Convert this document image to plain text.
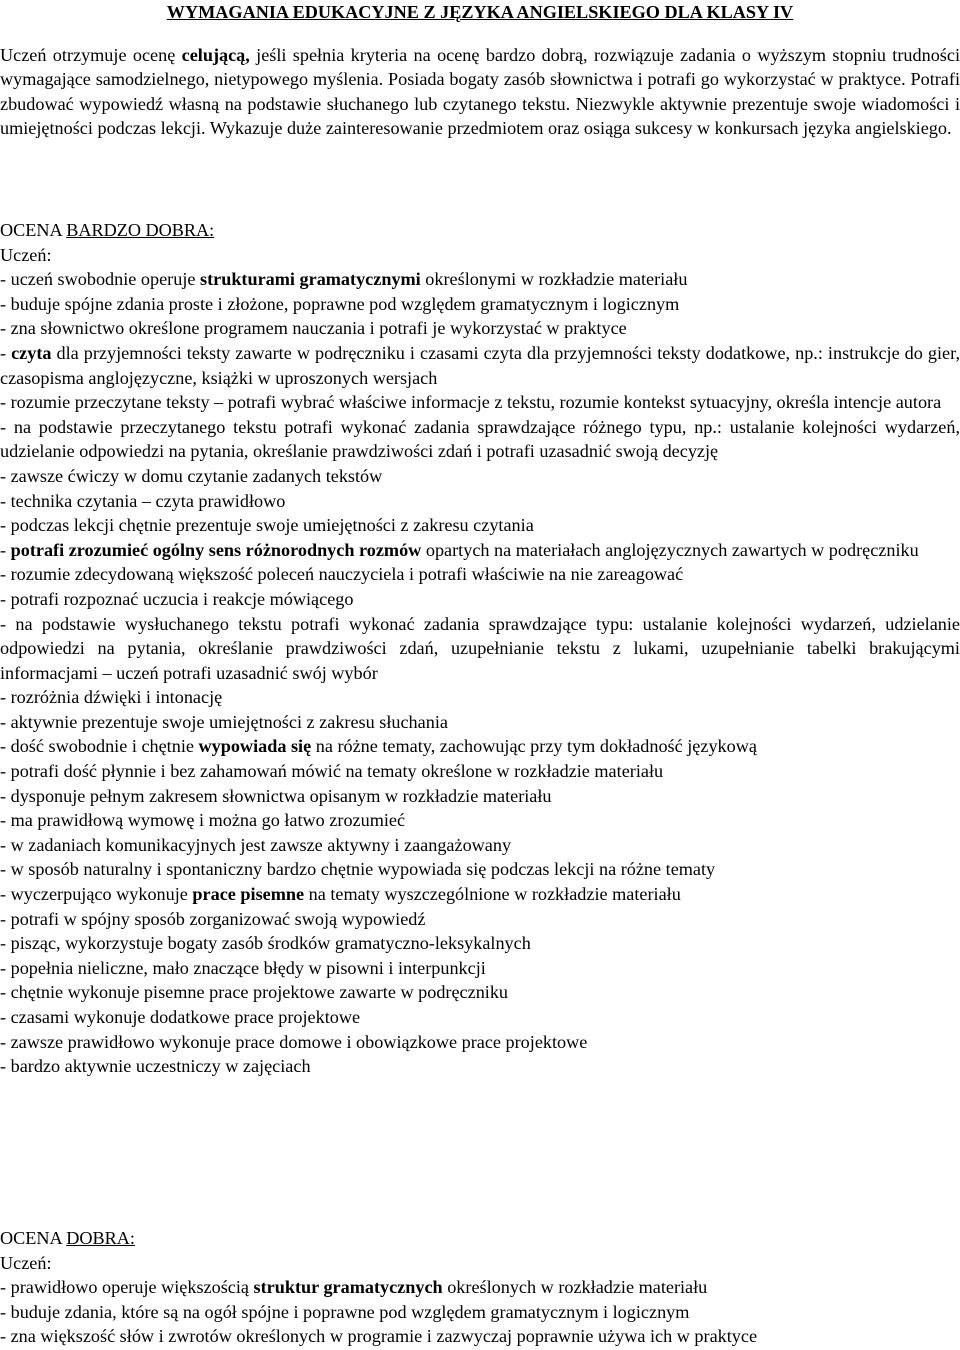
WYMAGANIA EDUKACYJNE Z JĘZYKA ANGIELSKIEGO DLA KLASY IV
Uczeń otrzymuje ocenę celującą, jeśli spełnia kryteria na ocenę bardzo dobrą, rozwiązuje zadania o wyższym stopniu trudności wymagające samodzielnego, nietypowego myślenia. Posiada bogaty zasób słownictwa i potrafi go wykorzystać w praktyce. Potrafi zbudować wypowiedź własną na podstawie słuchanego lub czytanego tekstu. Niezwykle aktywnie prezentuje swoje wiadomości i umiejętności podczas lekcji. Wykazuje duże zainteresowanie przedmiotem oraz osiąga sukcesy w konkursach języka angielskiego.
OCENA BARDZO DOBRA:
Uczeń:
- uczeń swobodnie operuje strukturami gramatycznymi określonymi w rozkładzie materiału
- buduje spójne zdania proste i złożone, poprawne pod względem gramatycznym i logicznym
- zna słownictwo określone programem nauczania i potrafi je wykorzystać w praktyce
- czyta dla przyjemności teksty zawarte w podręczniku i czasami czyta dla przyjemności teksty dodatkowe, np.: instrukcje do gier, czasopisma anglojęzyczne, książki w uproszonych wersjach
- rozumie przeczytane teksty – potrafi wybrać właściwe informacje z tekstu, rozumie kontekst sytuacyjny, określa intencje autora
- na podstawie przeczytanego tekstu potrafi wykonać zadania sprawdzające różnego typu, np.: ustalanie kolejności wydarzeń, udzielanie odpowiedzi na pytania, określanie prawdziwości zdań i potrafi uzasadnić swoją decyzję
- zawsze ćwiczy w domu czytanie zadanych tekstów
- technika czytania – czyta prawidłowo
- podczas lekcji chętnie prezentuje swoje umiejętności z zakresu czytania
- potrafi zrozumieć ogólny sens różnorodnych rozmów opartych na materiałach anglojęzycznych zawartych w podręczniku
- rozumie zdecydowaną większość poleceń nauczyciela i potrafi właściwie na nie zareagować
- potrafi rozpoznać uczucia i reakcje mówiącego
- na podstawie wysłuchanego tekstu potrafi wykonać zadania sprawdzające typu: ustalanie kolejności wydarzeń, udzielanie odpowiedzi na pytania, określanie prawdziwości zdań, uzupełnianie tekstu z lukami, uzupełnianie tabelki brakującymi informacjami – uczeń potrafi uzasadnić swój wybór
- rozróżnia dźwięki i intonację
- aktywnie prezentuje swoje umiejętności z zakresu słuchania
- dość swobodnie i chętnie wypowiada się na różne tematy, zachowując przy tym dokładność językową
- potrafi dość płynnie i bez zahamowań mówić na tematy określone w rozkładzie materiału
- dysponuje pełnym zakresem słownictwa opisanym w rozkładzie materiału
- ma prawidłową wymowę i można go łatwo zrozumieć
- w zadaniach komunikacyjnych jest zawsze aktywny i zaangażowany
- w sposób naturalny i spontaniczny bardzo chętnie wypowiada się podczas lekcji na różne tematy
- wyczerpująco wykonuje prace pisemne na tematy wyszczególnione w rozkładzie materiału
- potrafi w spójny sposób zorganizować swoją wypowiedź
- pisząc, wykorzystuje bogaty zasób środków gramatyczno-leksykalnych
- popełnia nieliczne, mało znaczące błędy w pisowni i interpunkcji
- chętnie wykonuje pisemne prace projektowe zawarte w podręczniku
- czasami wykonuje dodatkowe prace projektowe
- zawsze prawidłowo wykonuje prace domowe i obowiązkowe prace projektowe
- bardzo aktywnie uczestniczy w zajęciach
OCENA DOBRA:
Uczeń:
- prawidłowo operuje większością struktur gramatycznych określonych w rozkładzie materiału
- buduje zdania, które są na ogół spójne i poprawne pod względem gramatycznym i logicznym
- zna większość słów i zwrotów określonych w programie i zazwyczaj poprawnie używa ich w praktyce
